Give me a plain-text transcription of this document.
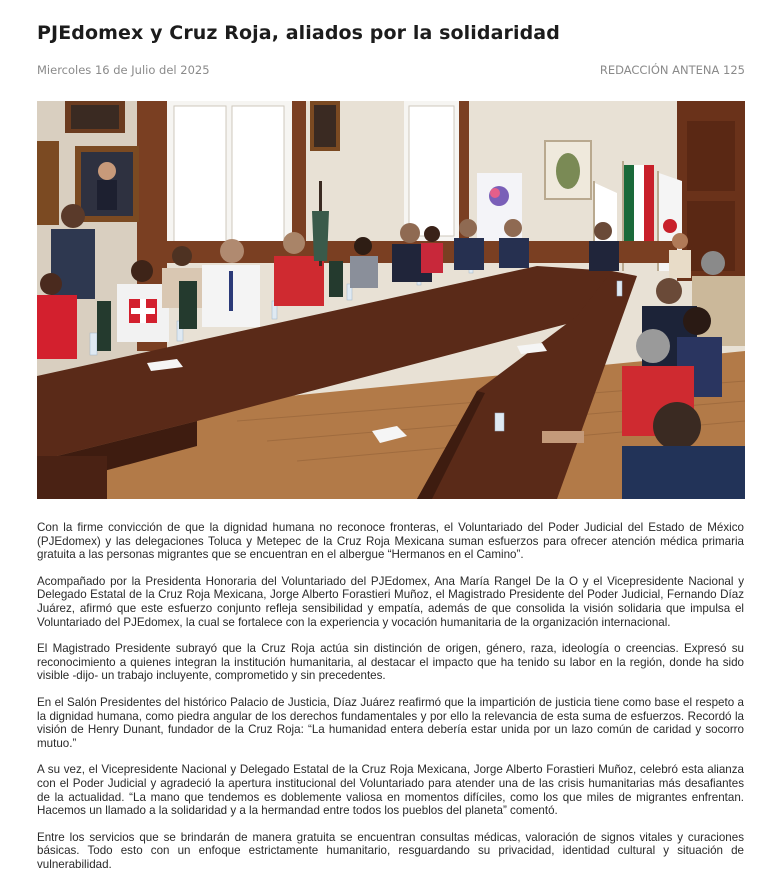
PJEdomex y Cruz Roja, aliados por la solidaridad
Miercoles 16 de Julio del 2025	REDACCIÓN ANTENA 125

Con la firme convicción de que la dignidad humana no reconoce fronteras, el Voluntariado del Poder Judicial del Estado de México (PJEdomex) y las delegaciones Toluca y Metepec de la Cruz Roja Mexicana suman esfuerzos para ofrecer atención médica primaria gratuita a las personas migrantes que se encuentran en el albergue “Hermanos en el Camino”.

Acompañado por la Presidenta Honoraria del Voluntariado del PJEdomex, Ana María Rangel De la O y el Vicepresidente Nacional y Delegado Estatal de la Cruz Roja Mexicana, Jorge Alberto Forastieri Muñoz, el Magistrado Presidente del Poder Judicial, Fernando Díaz Juárez, afirmó que este esfuerzo conjunto refleja sensibilidad y empatía, además de que consolida la visión solidaria que impulsa el Voluntariado del PJEdomex, la cual se fortalece con la experiencia y vocación humanitaria de la organización internacional.

El Magistrado Presidente subrayó que la Cruz Roja actúa sin distinción de origen, género, raza, ideología o creencias. Expresó su reconocimiento a quienes integran la institución humanitaria, al destacar el impacto que ha tenido su labor en la región, donde ha sido visible -dijo- un trabajo incluyente, comprometido y sin precedentes.

En el Salón Presidentes del histórico Palacio de Justicia, Díaz Juárez reafirmó que la impartición de justicia tiene como base el respeto a la dignidad humana, como piedra angular de los derechos fundamentales y por ello la relevancia de esta suma de esfuerzos. Recordó la visión de Henry Dunant, fundador de la Cruz Roja: “La humanidad entera debería estar unida por un lazo común de caridad y socorro mutuo.”

A su vez, el Vicepresidente Nacional y Delegado Estatal de la Cruz Roja Mexicana, Jorge Alberto Forastieri Muñoz, celebró esta alianza con el Poder Judicial y agradeció la apertura institucional del Voluntariado para atender una de las crisis humanitarias más desafiantes de la actualidad. “La mano que tendemos es doblemente valiosa en momentos difíciles, como los que miles de migrantes enfrentan. Hacemos un llamado a la solidaridad y a la hermandad entre todos los pueblos del planeta” comentó.

Entre los servicios que se brindarán de manera gratuita se encuentran consultas médicas, valoración de signos vitales y curaciones básicas. Todo esto con un enfoque estrictamente humanitario, resguardando su privacidad, identidad cultural y situación de vulnerabilidad.
